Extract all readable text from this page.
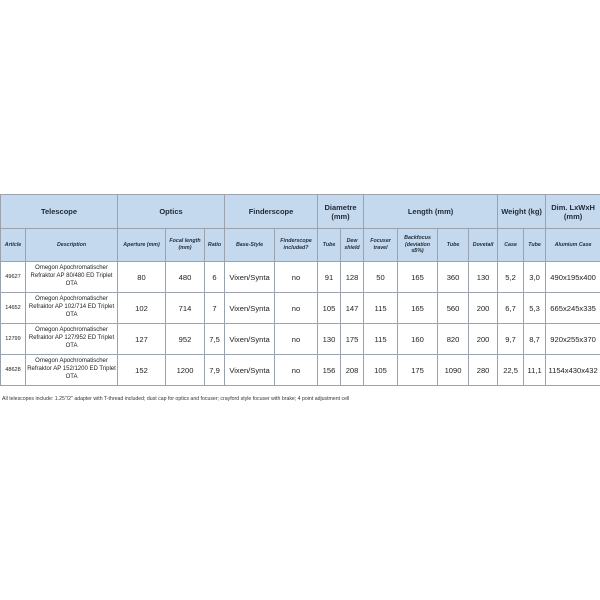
Telescope		Optics			Finderscope		Diametre (mm)		Length (mm)				Weight (kg)		Dim. LxWxH (mm)
Article	Description	Aperture (mm)	Focal length (mm)	Ratio	Base-Style	Finderscope included?	Tube	Dew shield	Focuser travel	Backfocus (deviation ≤5%)	Tube	Dovetail	Case	Tube	Alumium Case
49627	Omegon Apochromatischer Refraktor AP 80/480 ED Triplet OTA	80	480	6	Vixen/Synta	no	91	128	50	165	360	130	5,2	3,0	490x195x400
14652	Omegon Apochromatischer Refraktor AP 102/714 ED Triplet OTA	102	714	7	Vixen/Synta	no	105	147	115	165	560	200	6,7	5,3	665x245x335
12799	Omegon Apochromatischer Refraktor AP 127/952 ED Triplet OTA	127	952	7,5	Vixen/Synta	no	130	175	115	160	820	200	9,7	8,7	920x255x370
48628	Omegon Apochromatischer Refraktor AP 152/1200 ED Triplet OTA	152	1200	7,9	Vixen/Synta	no	156	208	105	175	1090	280	22,5	11,1	1154x430x432
All telescopes include: 1.25"/2" adapter with T-thread included; dust cap for optics and focuser; crayford style focuser with brake; 4 point adjustment cell
